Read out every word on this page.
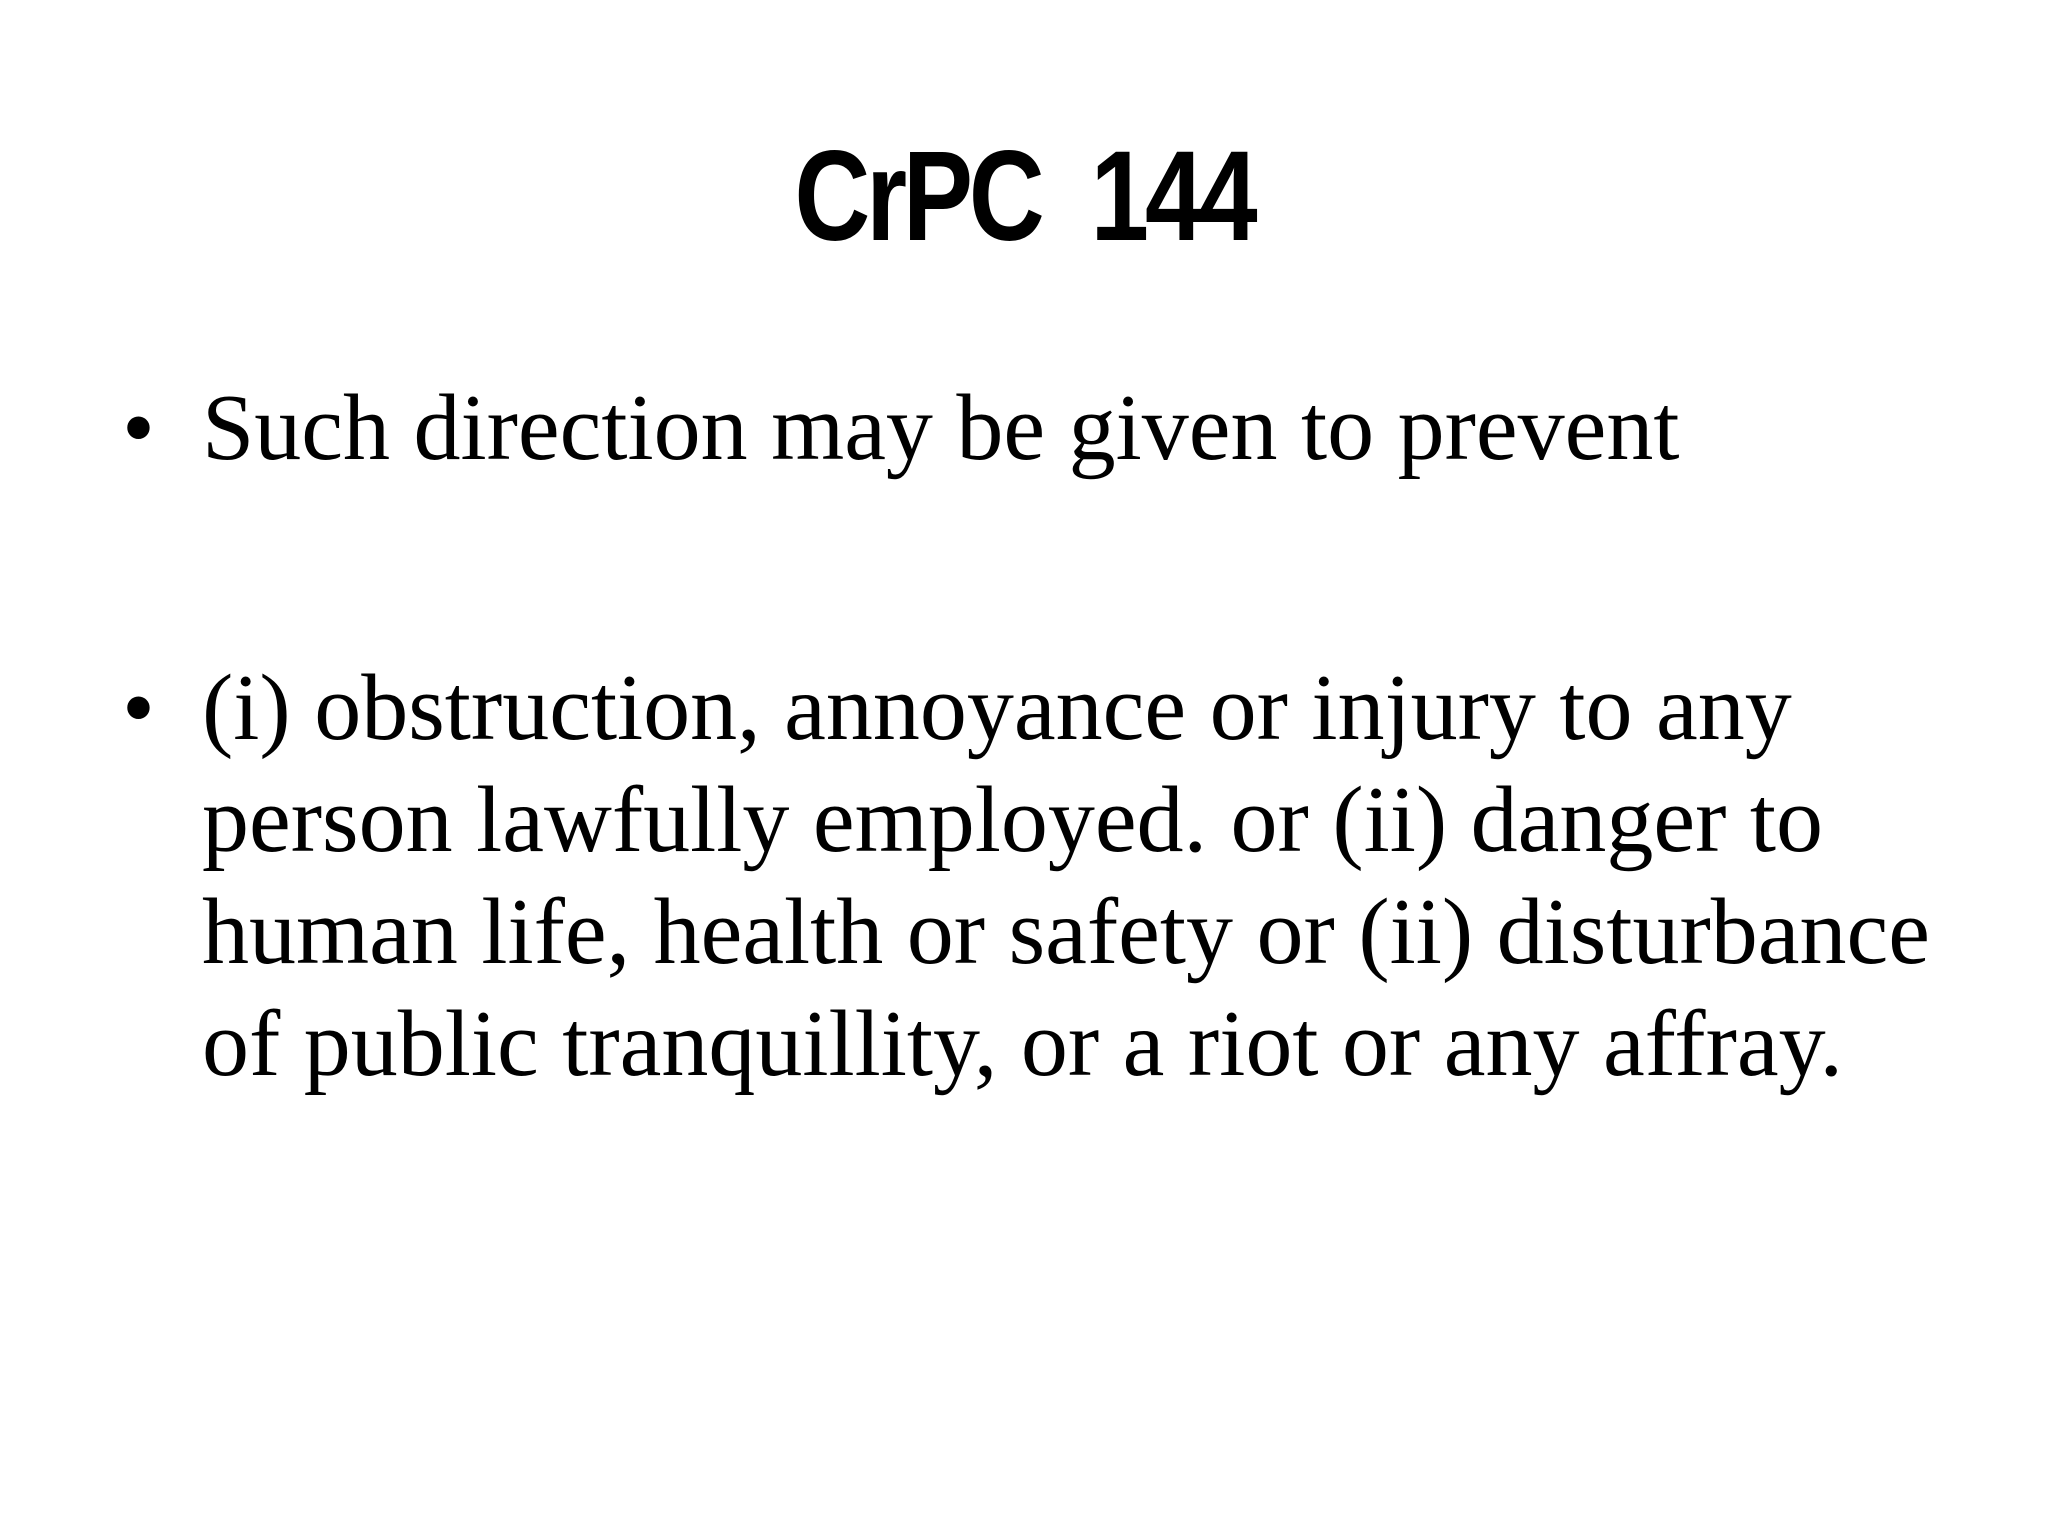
CrPC  144
• Such direction may be given to prevent
• (i) obstruction, annoyance or injury to any person lawfully employed. or (ii) danger to human life, health or safety or (ii) disturbance of public tranquillity, or a riot or any affray.
